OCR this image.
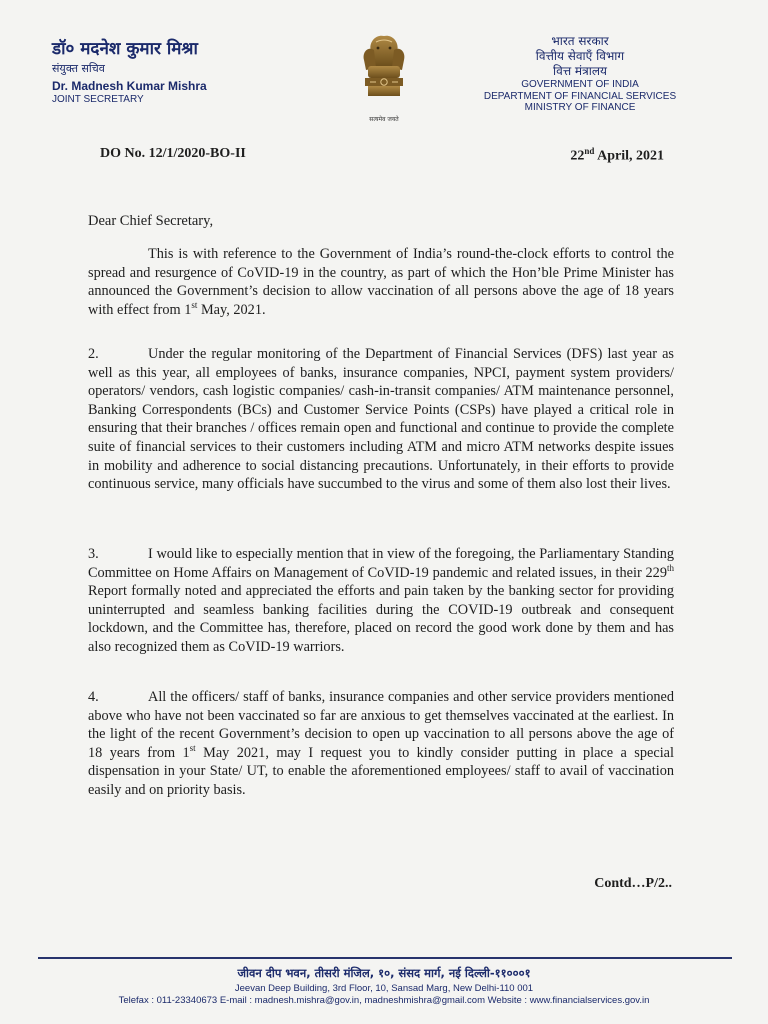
डॉ० मदनेश कुमार मिश्रा
संयुक्त सचिव
Dr. Madnesh Kumar Mishra
JOINT SECRETARY
सत्यमेव जयते
भारत सरकार
वित्तीय सेवाएँ विभाग
वित्त मंत्रालय
GOVERNMENT OF INDIA
DEPARTMENT OF FINANCIAL SERVICES
MINISTRY OF FINANCE
DO No. 12/1/2020-BO-II	22nd April, 2021
Dear Chief Secretary,

This is with reference to the Government of India’s round-the-clock efforts to control the spread and resurgence of CoVID-19 in the country, as part of which the Hon’ble Prime Minister has announced the Government’s decision to allow vaccination of all persons above the age of 18 years with effect from 1st May, 2021.

2.	Under the regular monitoring of the Department of Financial Services (DFS) last year as well as this year, all employees of banks, insurance companies, NPCI, payment system providers/ operators/ vendors, cash logistic companies/ cash-in-transit companies/ ATM maintenance personnel, Banking Correspondents (BCs) and Customer Service Points (CSPs) have played a critical role in ensuring that their branches / offices remain open and functional and continue to provide the complete suite of financial services to their customers including ATM and micro ATM networks despite issues in mobility and adherence to social distancing precautions. Unfortunately, in their efforts to provide continuous service, many officials have succumbed to the virus and some of them also lost their lives.

3.	I would like to especially mention that in view of the foregoing, the Parliamentary Standing Committee on Home Affairs on Management of CoVID-19 pandemic and related issues, in their 229th Report formally noted and appreciated the efforts and pain taken by the banking sector for providing uninterrupted and seamless banking facilities during the COVID-19 outbreak and consequent lockdown, and the Committee has, therefore, placed on record the good work done by them and has also recognized them as CoVID-19 warriors.

4.	All the officers/ staff of banks, insurance companies and other service providers mentioned above who have not been vaccinated so far are anxious to get themselves vaccinated at the earliest. In the light of the recent Government’s decision to open up vaccination to all persons above the age of 18 years from 1st May 2021, may I request you to kindly consider putting in place a special dispensation in your State/ UT, to enable the aforementioned employees/ staff to avail of vaccination easily and on priority basis.

Contd…P/2..
जीवन दीप भवन, तीसरी मंजिल, १०, संसद मार्ग, नई दिल्ली-११०००१
Jeevan Deep Building, 3rd Floor, 10, Sansad Marg, New Delhi-110 001
Telefax : 011-23340673 E-mail : madnesh.mishra@gov.in, madneshmishra@gmail.com Website : www.financialservices.gov.in
